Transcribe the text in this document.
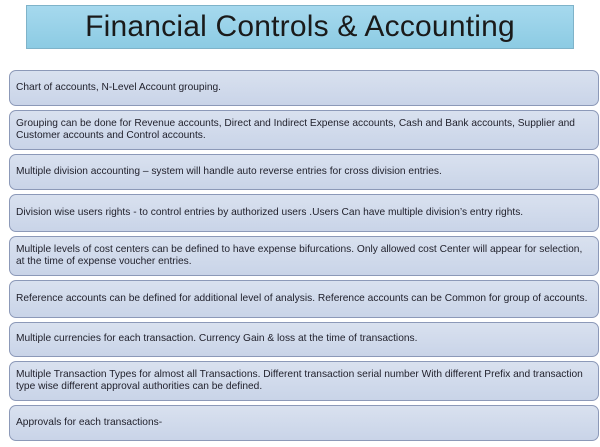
Financial Controls & Accounting
Chart of accounts, N-Level Account grouping.
Grouping can be done for Revenue accounts, Direct and Indirect Expense accounts, Cash and Bank accounts, Supplier and Customer accounts and Control accounts.
Multiple division accounting – system will handle auto reverse entries for cross division entries.
Division wise users rights - to control entries by authorized users .Users Can have multiple division’s entry rights.
Multiple levels of cost centers can be defined to have expense bifurcations. Only allowed cost Center will appear for selection, at the time of expense voucher entries.
Reference accounts can be defined for additional level of analysis. Reference accounts can be Common for group of accounts.
Multiple currencies for each transaction. Currency Gain & loss at the time of transactions.
Multiple Transaction Types for almost all Transactions. Different transaction serial number With different Prefix and transaction type wise different approval authorities can be defined.
Approvals for each transactions-
